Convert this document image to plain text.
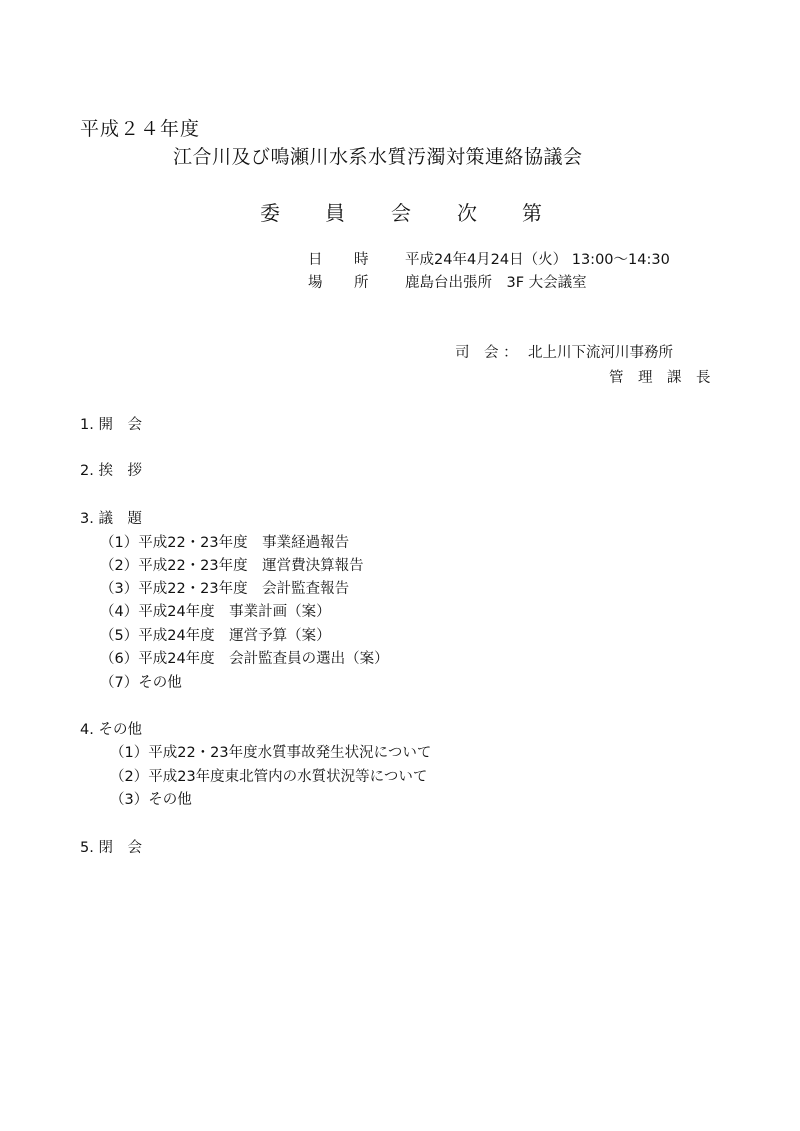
平成２４年度
江合川及び鳴瀬川水系水質汚濁対策連絡協議会
委 員 会 次 第
日 時	平成24年4月24日（火） 13:00～14:30
場 所	鹿島台出張所　3F 大会議室
司　会 ： 北上川下流河川事務所
管　理　課　長
1. 開　会
2. 挨　拶
3. 議　題
（1）平成22・23年度　事業経過報告
（2）平成22・23年度　運営費決算報告
（3）平成22・23年度　会計監査報告
（4）平成24年度　事業計画（案）
（5）平成24年度　運営予算（案）
（6）平成24年度　会計監査員の選出（案）
（7）その他
4. その他
（1）平成22・23年度水質事故発生状況について
（2）平成23年度東北管内の水質状況等について
（3）その他
5. 閉　会
